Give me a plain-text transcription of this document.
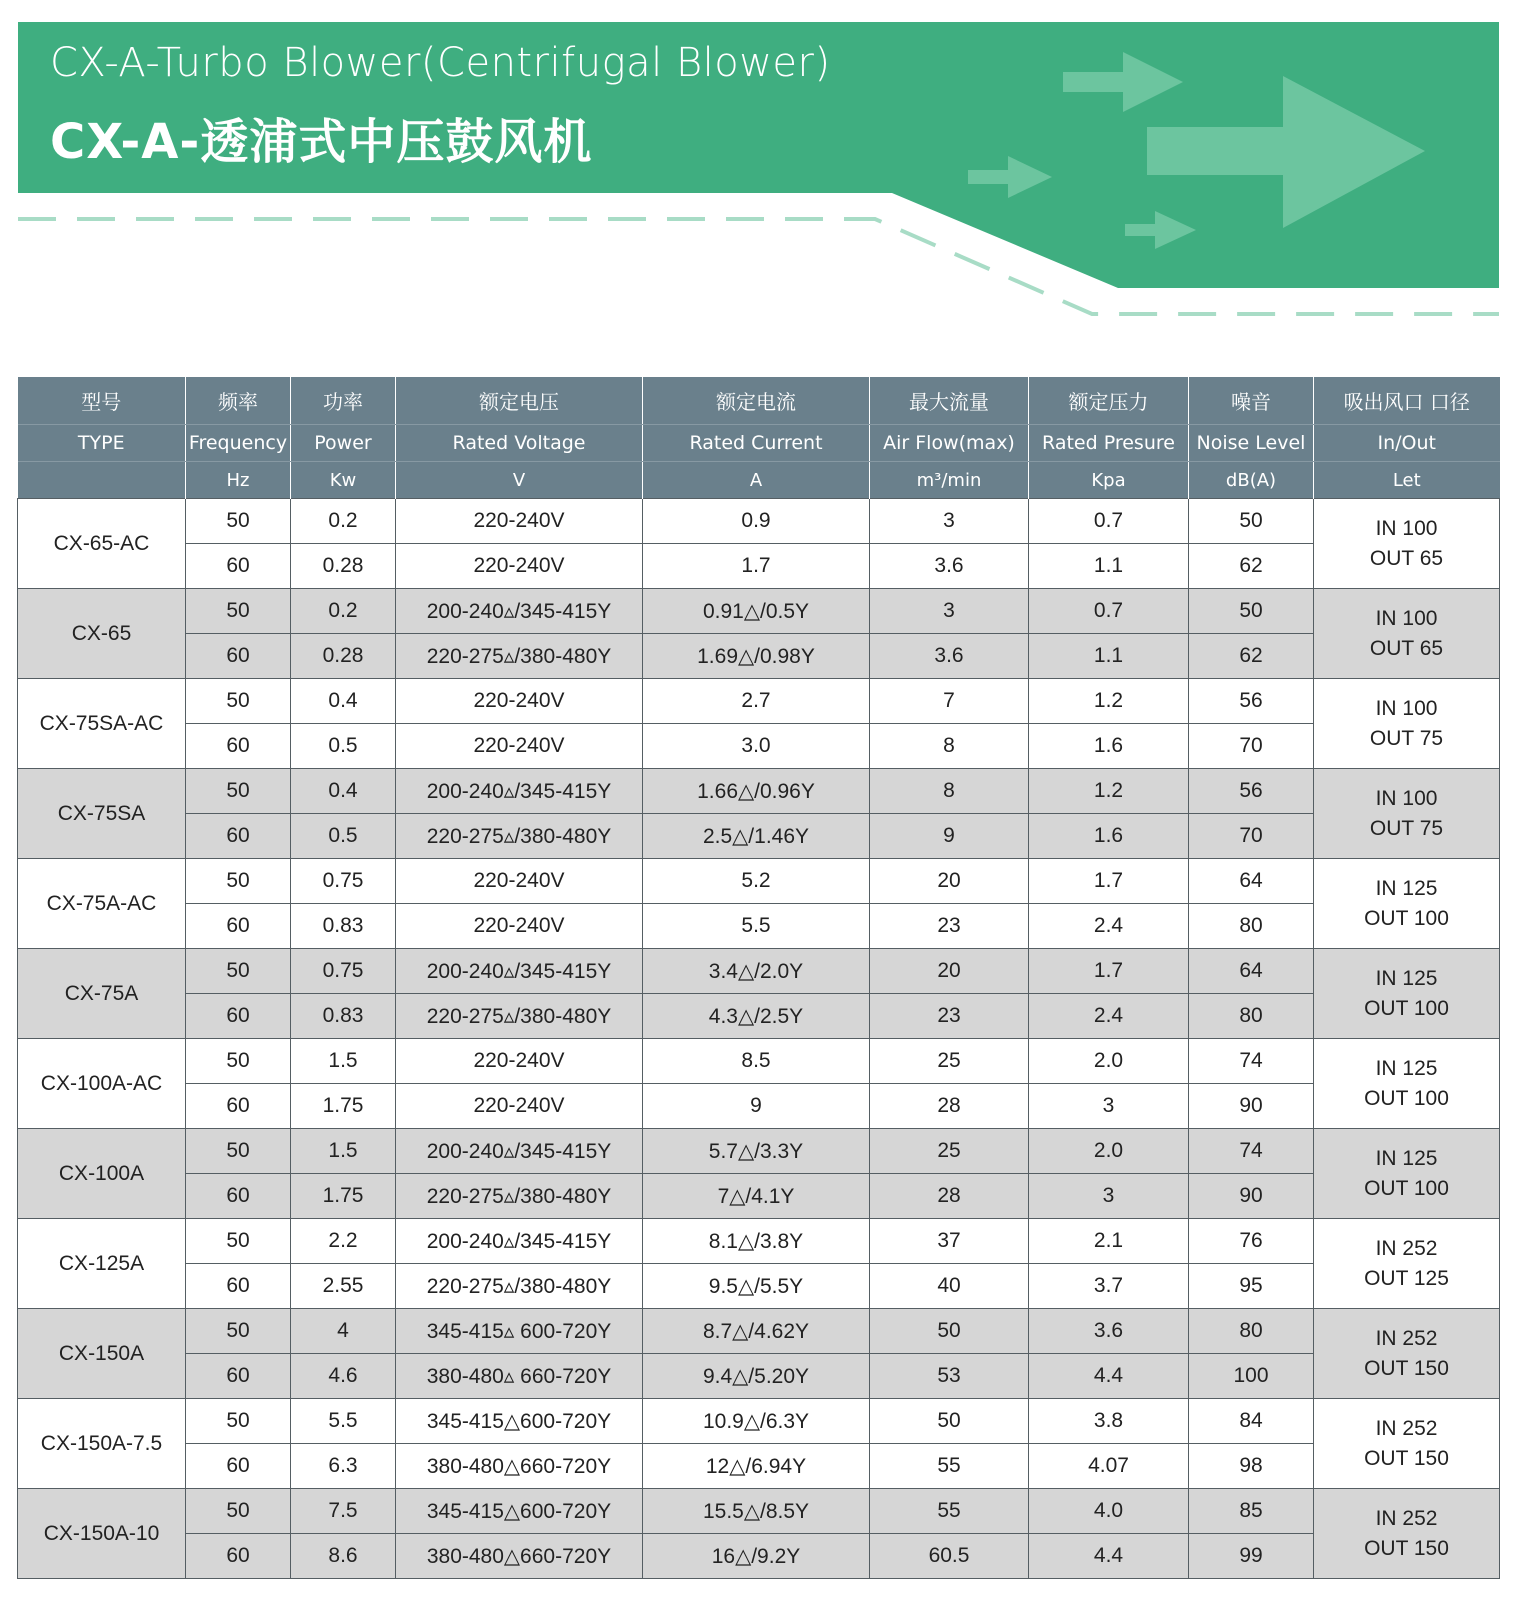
CX-A-Turbo Blower(Centrifugal Blower)
CX-A-透浦式中压鼓风机
型号	频率	功率	额定电压	额定电流	最大流量	额定压力	噪音	吸出风口 口径
TYPE	Frequency	Power	Rated Voltage	Rated Current	Air Flow(max)	Rated Presure	Noise Level	In/Out
	Hz	Kw	V	A	m³/min	Kpa	dB(A)	Let
CX-65-AC	50	0.2	220-240V	0.9	3	0.7	50	IN 100
OUT 65

	60	0.28	220-240V	1.7	3.6	1.1	62	
CX-65	50	0.2	200-240▵/345-415Y	0.91△/0.5Y	3	0.7	50	IN 100
OUT 65

	60	0.28	220-275▵/380-480Y	1.69△/0.98Y	3.6	1.1	62	
CX-75SA-AC	50	0.4	220-240V	2.7	7	1.2	56	IN 100
OUT 75

	60	0.5	220-240V	3.0	8	1.6	70	
CX-75SA	50	0.4	200-240▵/345-415Y	1.66△/0.96Y	8	1.2	56	IN 100
OUT 75

	60	0.5	220-275▵/380-480Y	2.5△/1.46Y	9	1.6	70	
CX-75A-AC	50	0.75	220-240V	5.2	20	1.7	64	IN 125
OUT 100

	60	0.83	220-240V	5.5	23	2.4	80	
CX-75A	50	0.75	200-240▵/345-415Y	3.4△/2.0Y	20	1.7	64	IN 125
OUT 100

	60	0.83	220-275▵/380-480Y	4.3△/2.5Y	23	2.4	80	
CX-100A-AC	50	1.5	220-240V	8.5	25	2.0	74	IN 125
OUT 100

	60	1.75	220-240V	9	28	3	90	
CX-100A	50	1.5	200-240▵/345-415Y	5.7△/3.3Y	25	2.0	74	IN 125
OUT 100

	60	1.75	220-275▵/380-480Y	7△/4.1Y	28	3	90	
CX-125A	50	2.2	200-240▵/345-415Y	8.1△/3.8Y	37	2.1	76	IN 252
OUT 125

	60	2.55	220-275▵/380-480Y	9.5△/5.5Y	40	3.7	95	
CX-150A	50	4	345-415▵ 600-720Y	8.7△/4.62Y	50	3.6	80	IN 252
OUT 150

	60	4.6	380-480▵ 660-720Y	9.4△/5.20Y	53	4.4	100	
CX-150A-7.5	50	5.5	345-415△600-720Y	10.9△/6.3Y	50	3.8	84	IN 252
OUT 150

	60	6.3	380-480△660-720Y	12△/6.94Y	55	4.07	98	
CX-150A-10	50	7.5	345-415△600-720Y	15.5△/8.5Y	55	4.0	85	IN 252
OUT 150

	60	8.6	380-480△660-720Y	16△/9.2Y	60.5	4.4	99	
